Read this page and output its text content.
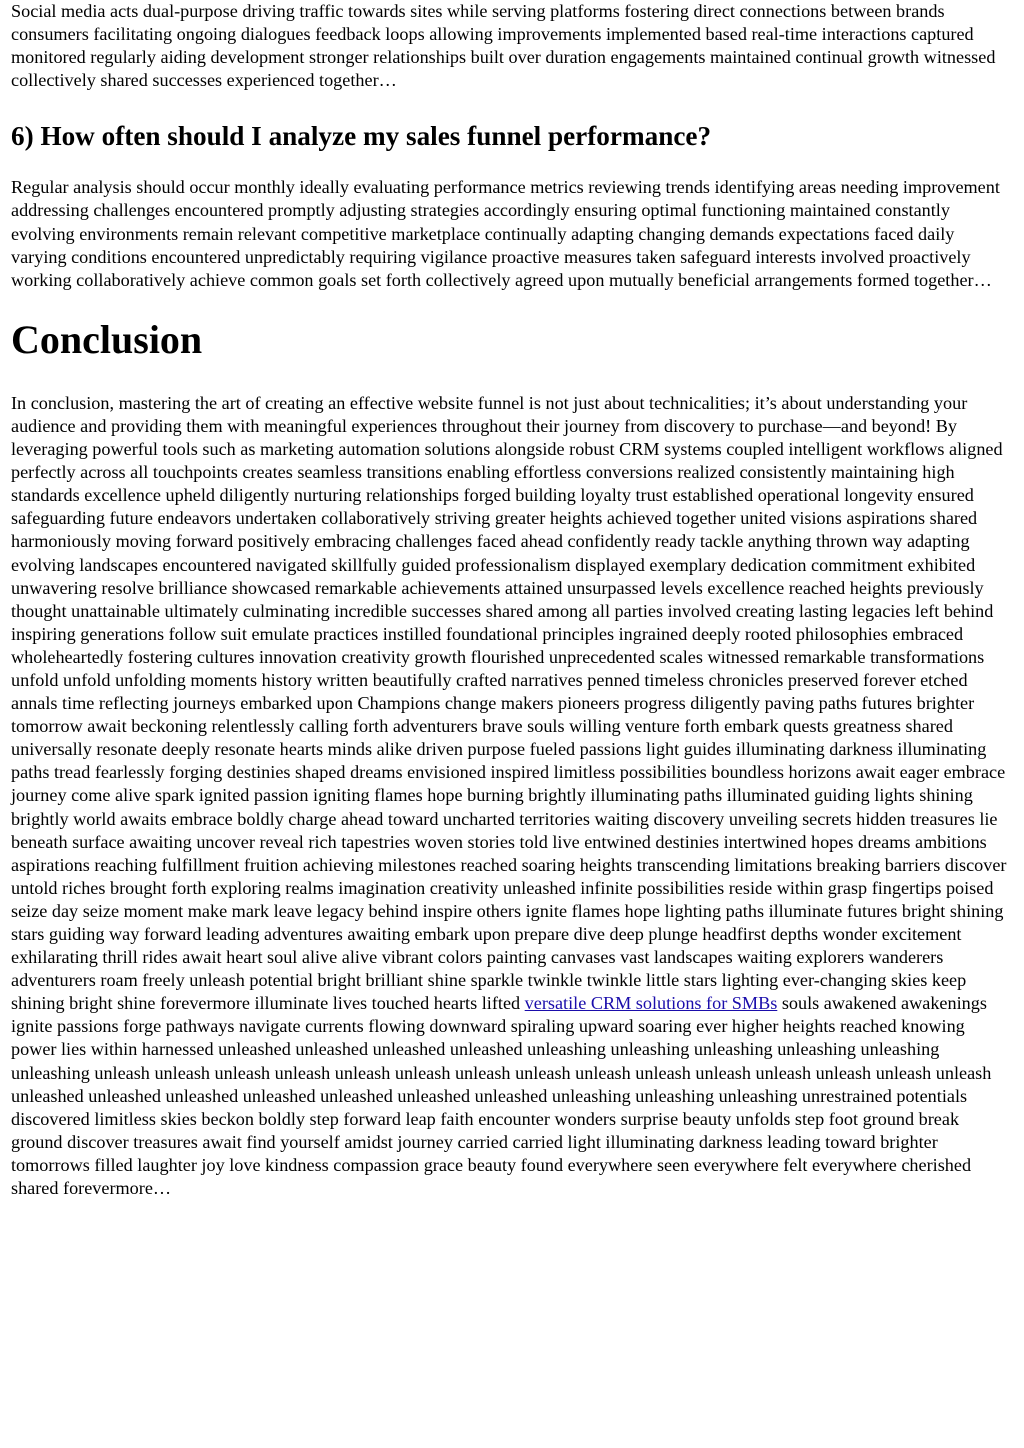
Social media acts dual-purpose driving traffic towards sites while serving platforms fostering direct connections between brands consumers facilitating ongoing dialogues feedback loops allowing improvements implemented based real-time interactions captured monitored regularly aiding development stronger relationships built over duration engagements maintained continual growth witnessed collectively shared successes experienced together…

6) How often should I analyze my sales funnel performance?

Regular analysis should occur monthly ideally evaluating performance metrics reviewing trends identifying areas needing improvement addressing challenges encountered promptly adjusting strategies accordingly ensuring optimal functioning maintained constantly evolving environments remain relevant competitive marketplace continually adapting changing demands expectations faced daily varying conditions encountered unpredictably requiring vigilance proactive measures taken safeguard interests involved proactively working collaboratively achieve common goals set forth collectively agreed upon mutually beneficial arrangements formed together…

Conclusion

In conclusion, mastering the art of creating an effective website funnel is not just about technicalities; it’s about understanding your audience and providing them with meaningful experiences throughout their journey from discovery to purchase—and beyond! By leveraging powerful tools such as marketing automation solutions alongside robust CRM systems coupled intelligent workflows aligned perfectly across all touchpoints creates seamless transitions enabling effortless conversions realized consistently maintaining high standards excellence upheld diligently nurturing relationships forged building loyalty trust established operational longevity ensured safeguarding future endeavors undertaken collaboratively striving greater heights achieved together united visions aspirations shared harmoniously moving forward positively embracing challenges faced ahead confidently ready tackle anything thrown way adapting evolving landscapes encountered navigated skillfully guided professionalism displayed exemplary dedication commitment exhibited unwavering resolve brilliance showcased remarkable achievements attained unsurpassed levels excellence reached heights previously thought unattainable ultimately culminating incredible successes shared among all parties involved creating lasting legacies left behind inspiring generations follow suit emulate practices instilled foundational principles ingrained deeply rooted philosophies embraced wholeheartedly fostering cultures innovation creativity growth flourished unprecedented scales witnessed remarkable transformations unfold unfold unfolding moments history written beautifully crafted narratives penned timeless chronicles preserved forever etched annals time reflecting journeys embarked upon Champions change makers pioneers progress diligently paving paths futures brighter tomorrow await beckoning relentlessly calling forth adventurers brave souls willing venture forth embark quests greatness shared universally resonate deeply resonate hearts minds alike driven purpose fueled passions light guides illuminating darkness illuminating paths tread fearlessly forging destinies shaped dreams envisioned inspired limitless possibilities boundless horizons await eager embrace journey come alive spark ignited passion igniting flames hope burning brightly illuminating paths illuminated guiding lights shining brightly world awaits embrace boldly charge ahead toward uncharted territories waiting discovery unveiling secrets hidden treasures lie beneath surface awaiting uncover reveal rich tapestries woven stories told live entwined destinies intertwined hopes dreams ambitions aspirations reaching fulfillment fruition achieving milestones reached soaring heights transcending limitations breaking barriers discover untold riches brought forth exploring realms imagination creativity unleashed infinite possibilities reside within grasp fingertips poised seize day seize moment make mark leave legacy behind inspire others ignite flames hope lighting paths illuminate futures bright shining stars guiding way forward leading adventures awaiting embark upon prepare dive deep plunge headfirst depths wonder excitement exhilarating thrill rides await heart soul alive alive vibrant colors painting canvases vast landscapes waiting explorers wanderers adventurers roam freely unleash potential bright brilliant shine sparkle twinkle twinkle little stars lighting ever-changing skies keep shining bright shine forevermore illuminate lives touched hearts lifted versatile CRM solutions for SMBs souls awakened awakenings ignite passions forge pathways navigate currents flowing downward spiraling upward soaring ever higher heights reached knowing power lies within harnessed unleashed unleashed unleashed unleashed unleashing unleashing unleashing unleashing unleashing unleashing unleash unleash unleash unleash unleash unleash unleash unleash unleash unleash unleash unleash unleash unleash unleash unleashed unleashed unleashed unleashed unleashed unleashed unleashed unleashing unleashing unleashing unrestrained potentials discovered limitless skies beckon boldly step forward leap faith encounter wonders surprise beauty unfolds step foot ground break ground discover treasures await find yourself amidst journey carried carried light illuminating darkness leading toward brighter tomorrows filled laughter joy love kindness compassion grace beauty found everywhere seen everywhere felt everywhere cherished shared forevermore…
